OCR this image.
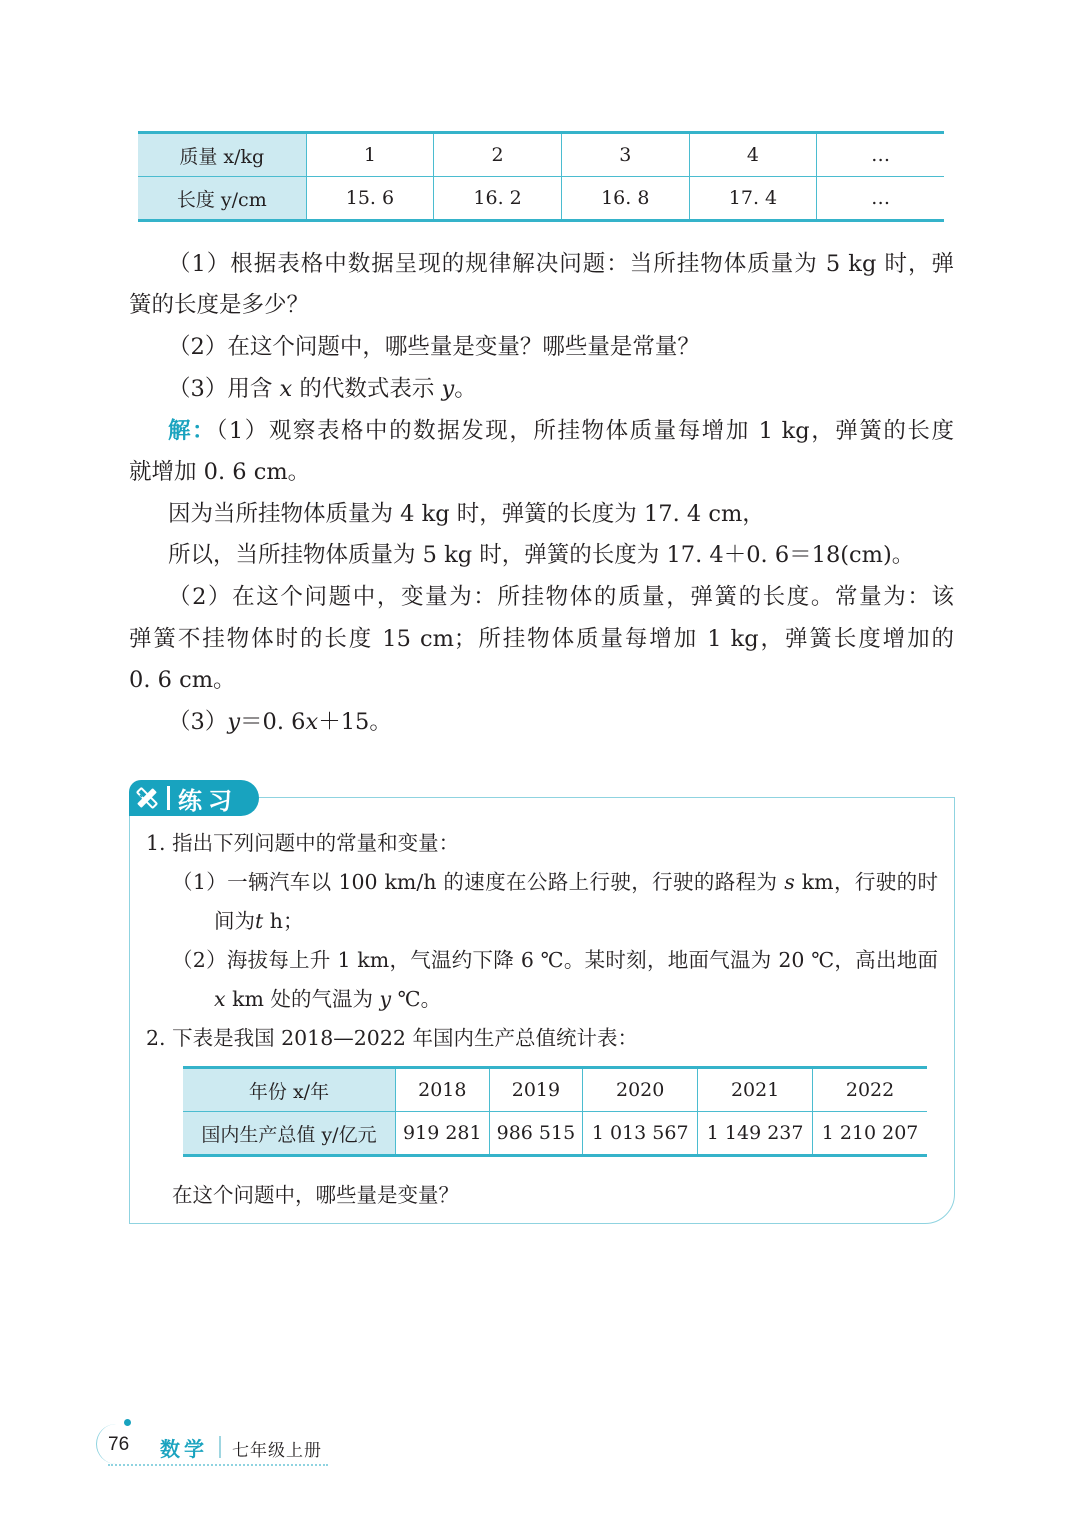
质量 x/kg	1	2	3	4	…
长度 y/cm	15. 6	16. 2	16. 8	17. 4	…
（1）根据表格中数据呈现的规律解决问题：当所挂物体质量为 5 kg 时，弹
簧的长度是多少？
（2）在这个问题中，哪些量是变量？哪些量是常量？
（3）用含 x 的代数式表示 y。
解：（1）观察表格中的数据发现，所挂物体质量每增加 1 kg，弹簧的长度
就增加 0. 6 cm。
因为当所挂物体质量为 4 kg 时，弹簧的长度为 17. 4 cm，
所以，当所挂物体质量为 5 kg 时，弹簧的长度为 17. 4＋0. 6＝18(cm)。
（2）在这个问题中，变量为：所挂物体的质量，弹簧的长度。常量为：该
弹簧不挂物体时的长度 15 cm；所挂物体质量每增加 1 kg，弹簧长度增加的
0. 6 cm。
（3）y＝0. 6x＋15。
练习
1. 指出下列问题中的常量和变量：
（1）一辆汽车以 100 km/h 的速度在公路上行驶，行驶的路程为 s km，行驶的时
间为t h；
（2）海拔每上升 1 km，气温约下降 6 ℃。某时刻，地面气温为 20 ℃，高出地面
x km 处的气温为 y ℃。
2. 下表是我国 2018—2022 年国内生产总值统计表：
年份 x/年	2018	2019	2020	2021	2022
国内生产总值 y/亿元	919 281	986 515	1 013 567	1 149 237	1 210 207
在这个问题中，哪些量是变量？
76 数学 七年级上册
